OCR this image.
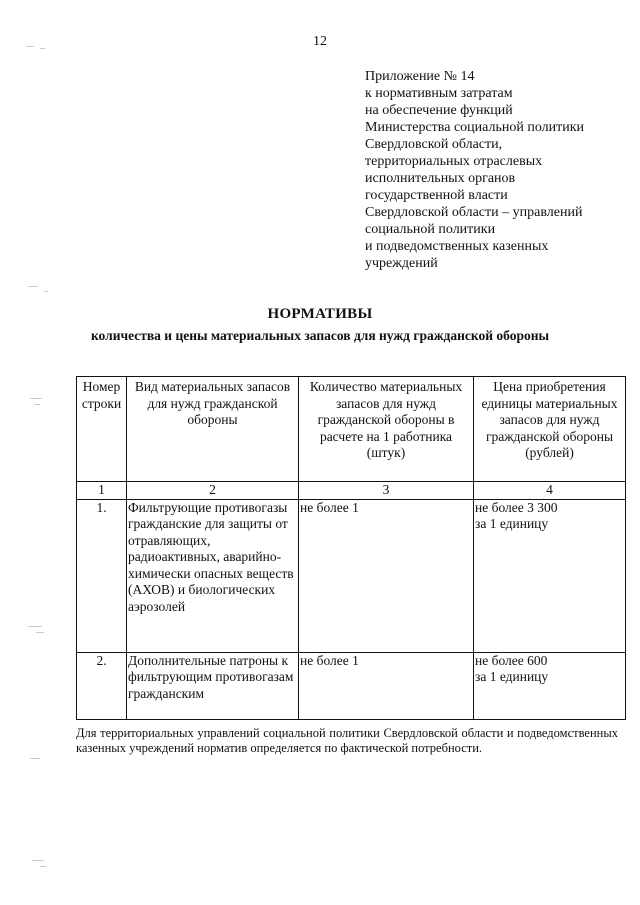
12
Приложение № 14
к нормативным затратам
на обеспечение функций
Министерства социальной политики
Свердловской области,
территориальных отраслевых
исполнительных органов
государственной власти
Свердловской области – управлений
социальной политики
и подведомственных казенных
учреждений
НОРМАТИВЫ
количества и цены материальных запасов для нужд гражданской обороны
Номер строки	Вид материальных запасов для нужд гражданской обороны	Количество материальных запасов для нужд гражданской обороны в расчете на 1 работника (штук)	Цена приобретения единицы материальных запасов для нужд гражданской обороны (рублей)
1	2	3	4
1.	Фильтрующие противогазы гражданские для защиты от отравляющих, радиоактивных, аварийно-химически опасных веществ (АХОВ) и биологических аэрозолей	не более 1	не более 3 300
за 1 единицу

2.	Дополнительные патроны к фильтрующим противогазам гражданским	не более 1	не более 600
за 1 единицу
Для территориальных управлений социальной политики Свердловской области и подведомственных казенных учреждений норматив определяется по фактической потребности.
